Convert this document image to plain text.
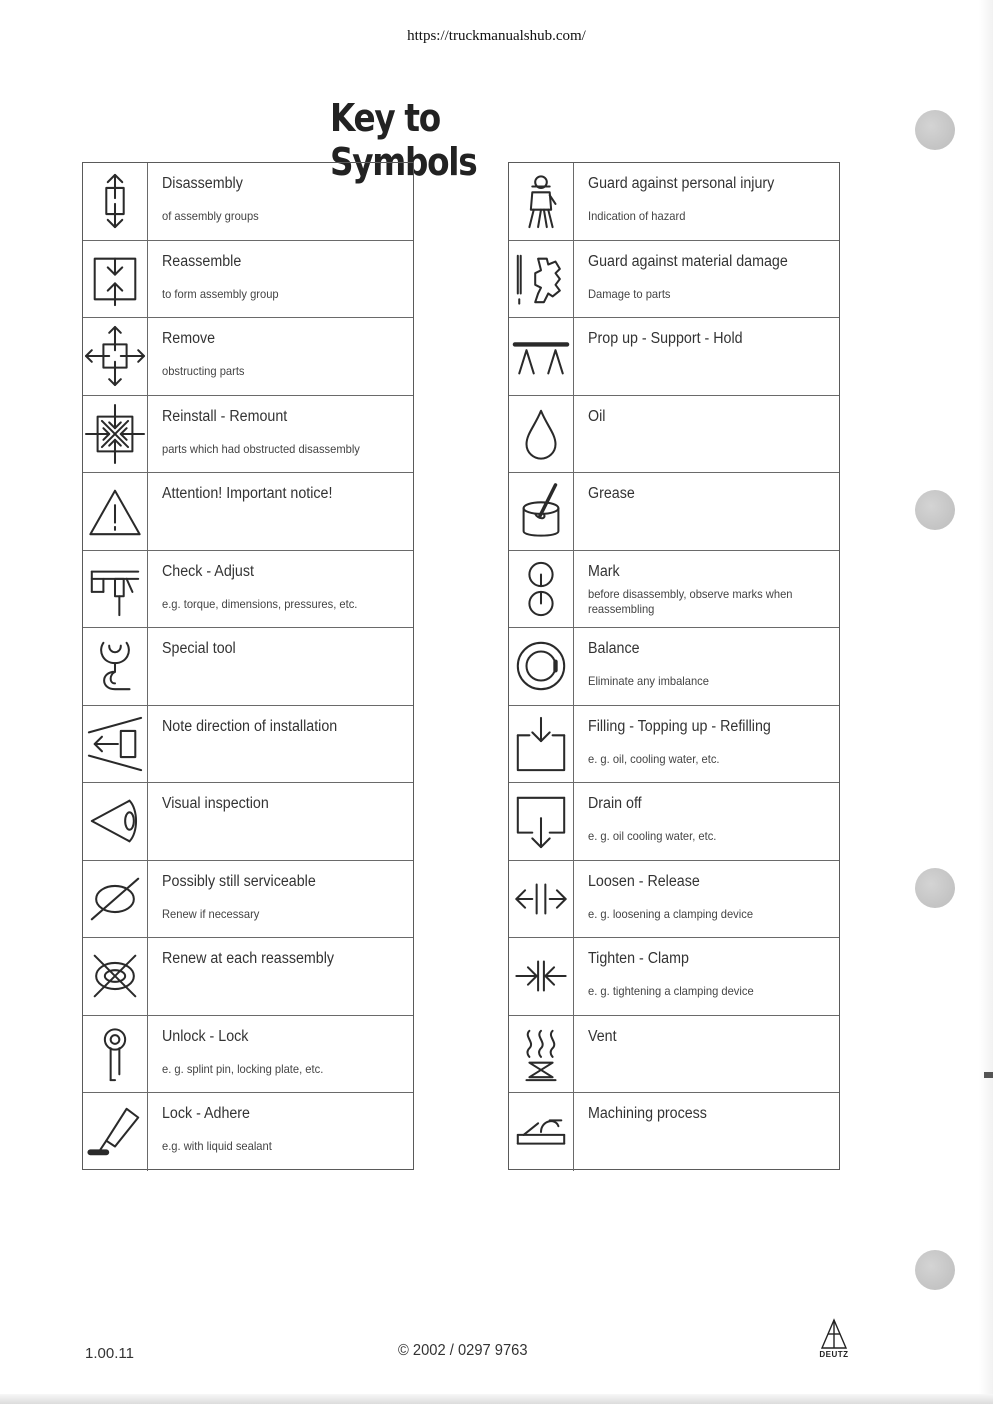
https://truckmanualshub.com/
Key to Symbols
Disassembly
of assembly groups
Reassemble
to form assembly group
Remove
obstructing parts
Reinstall - Remount
parts which had obstructed disassembly
Attention! Important notice!
Check - Adjust
e.g. torque, dimensions, pressures, etc.
Special tool
Note direction of installation
Visual inspection
Possibly still serviceable
Renew if necessary
Renew at each reassembly
Unlock - Lock
e. g. splint pin, locking plate, etc.
Lock - Adhere
e.g. with liquid sealant
Guard against personal injury
Indication of hazard
Guard against material damage
Damage to parts
Prop up - Support - Hold
Oil
Grease
Mark
before disassembly, observe marks when reassembling
Balance
Eliminate any imbalance
Filling - Topping up - Refilling
e. g. oil, cooling water, etc.
Drain off
e. g. oil cooling water, etc.
Loosen - Release
e. g. loosening a clamping device
Tighten - Clamp
e. g. tightening a clamping device
Vent
Machining process
1.00.11	© 2002 / 0297 9763	DEUTZ
